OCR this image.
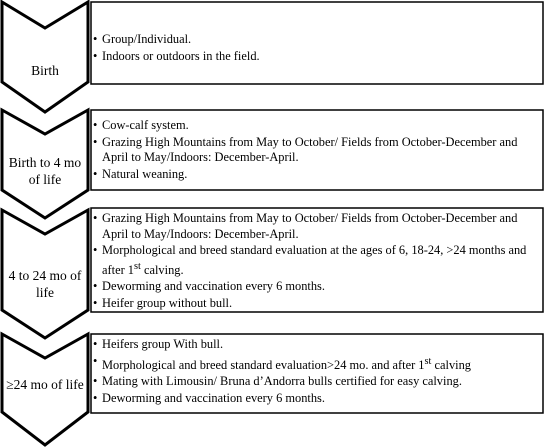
Birth
Birth to 4 mo of life
4 to 24 mo of life
≥24 mo of life
• Group/Individual.
• Indoors or outdoors in the field.
• Cow-calf system.
• Grazing High Mountains from May to October/ Fields from October-December and April to May/Indoors: December-April.
• Natural weaning.
• Grazing High Mountains from May to October/ Fields from October-December and April to May/Indoors: December-April.
• Morphological and breed standard evaluation at the ages of 6, 18-24, >24 months and after 1st calving.
• Deworming and vaccination every 6 months.
• Heifer group without bull.
• Heifers group With bull.
• Morphological and breed standard evaluation>24 mo. and after 1st calving
• Mating with Limousin/ Bruna d’Andorra bulls certified for easy calving.
• Deworming and vaccination every 6 months.
